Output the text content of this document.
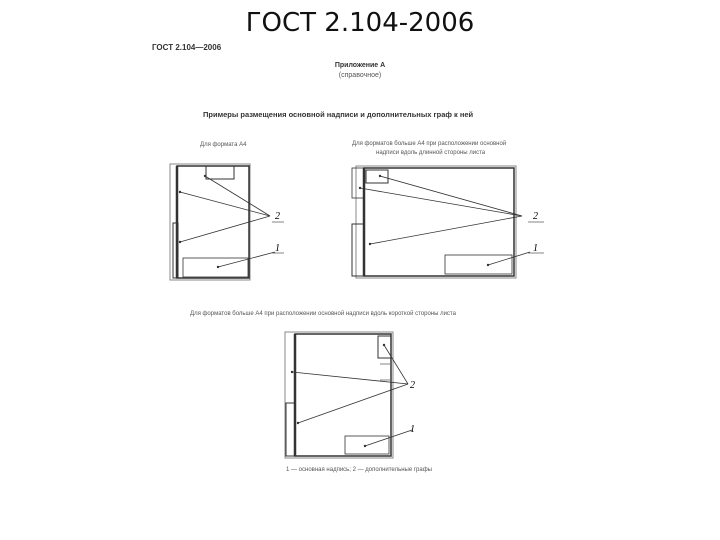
ГОСТ 2.104-2006
ГОСТ 2.104—2006
Приложение А
(справочное)
Примеры размещения основной надписи и дополнительных граф к ней
Для формата А4	Для форматов больше А4 при расположении основной
надписи вдоль длинной стороны листа
Для форматов больше А4 при расположении основной надписи вдоль короткой стороны листа
2
1
2
1
2
1
1 — основная надпись; 2 — дополнительные графы
